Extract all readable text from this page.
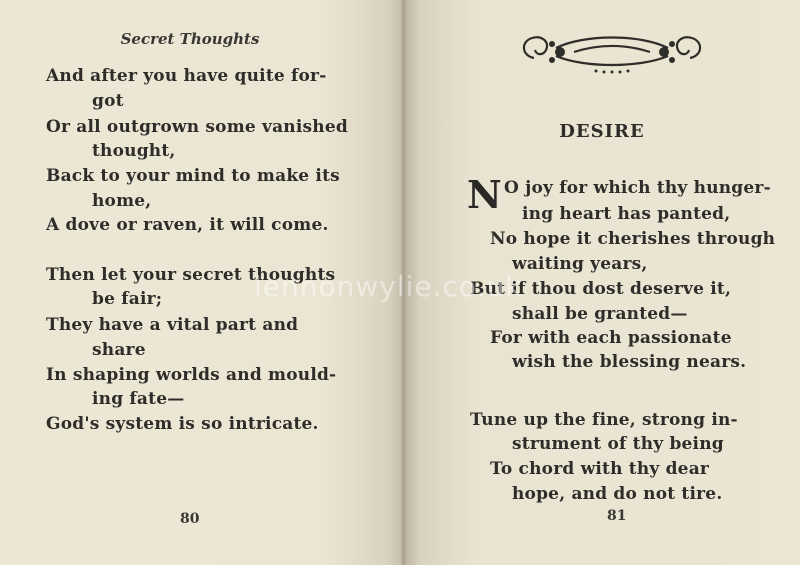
Secret Thoughts
And after you have quite for-
got
Or all outgrown some vanished
thought,
Back to your mind to make its
home,
A dove or raven, it will come.
Then let your secret thoughts
be fair;
They have a vital part and
share
In shaping worlds and mould-
ing fate—
God's system is so intricate.
80
DESIRE
N O joy for which thy hunger-
ing heart has panted,
No hope it cherishes through
waiting years,
But if thou dost deserve it,
shall be granted—
For with each passionate
wish the blessing nears.
Tune up the fine, strong in-
strument of thy being
To chord with thy dear
hope, and do not tire.
81
lennonwylie.co.uk
